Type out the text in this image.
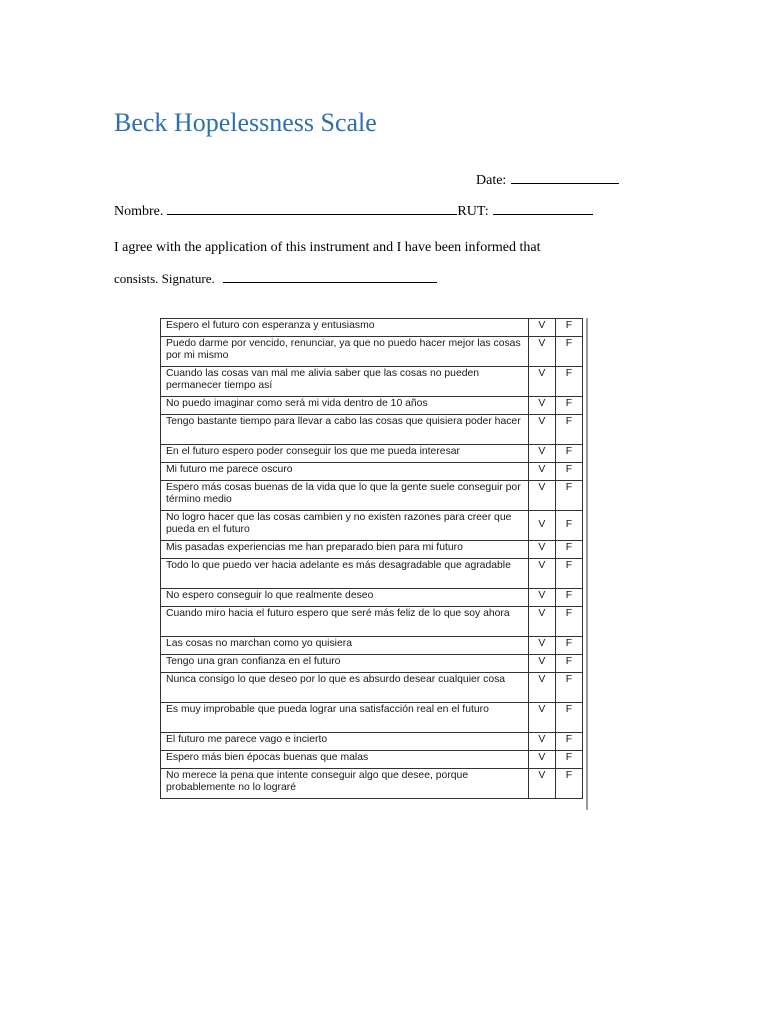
Beck Hopelessness Scale
Date:
Nombre.	RUT:
I agree with the application of this instrument and I have been informed that
consists. Signature.
Espero el futuro con esperanza y entusiasmo	V	F
Puedo darme por vencido, renunciar, ya que no puedo hacer mejor las cosas por mi mismo	V	F
Cuando las cosas van mal me alivia saber que las cosas no pueden permanecer tiempo así	V	F
No puedo imaginar como será mi vida dentro de 10 años	V	F
Tengo bastante tiempo para llevar a cabo las cosas que quisiera poder hacer	V	F
En el futuro espero poder conseguir los que me pueda interesar	V	F
Mi futuro me parece oscuro	V	F
Espero más cosas buenas de la vida que lo que la gente suele conseguir por término medio	V	F
No logro hacer que las cosas cambien y no existen razones para creer que pueda en el futuro	V	F
Mis pasadas experiencias me han preparado bien para mi futuro	V	F
Todo lo que puedo ver hacia adelante es más desagradable que agradable	V	F
No espero conseguir lo que realmente deseo	V	F
Cuando miro hacia el futuro espero que seré más feliz de lo que soy ahora	V	F
Las cosas no marchan como yo quisiera	V	F
Tengo una gran confianza en el futuro	V	F
Nunca consigo lo que deseo por lo que es absurdo desear cualquier cosa	V	F
Es muy improbable que pueda lograr una satisfacción real en el futuro	V	F
El futuro me parece vago e incierto	V	F
Espero más bien épocas buenas que malas	V	F
No merece la pena que intente conseguir algo que desee, porque probablemente no lo lograré	V	F
